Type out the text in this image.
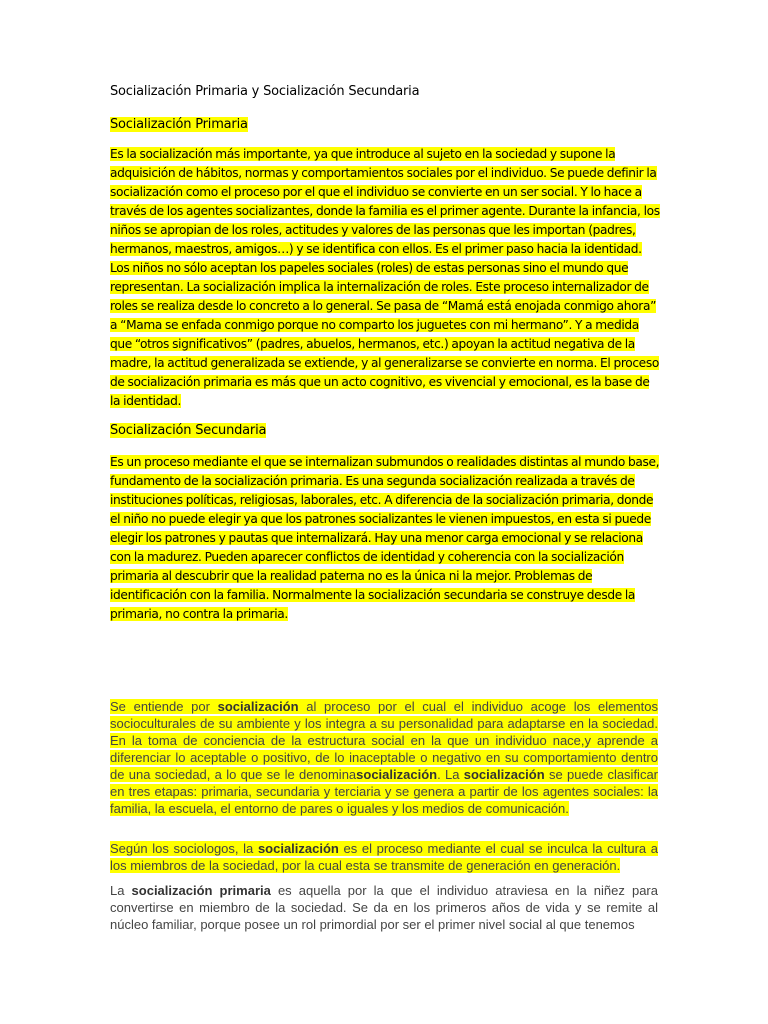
Socialización Primaria y Socialización Secundaria
Socialización Primaria
Es la socialización más importante, ya que introduce al sujeto en la sociedad y supone la adquisición de hábitos, normas y comportamientos sociales por el individuo. Se puede definir la socialización como el proceso por el que el individuo se convierte en un ser social. Y lo hace a través de los agentes socializantes, donde la familia es el primer agente. Durante la infancia, los niños se apropian de los roles, actitudes y valores de las personas que les importan (padres, hermanos, maestros, amigos…) y se identifica con ellos. Es el primer paso hacia la identidad. Los niños no sólo aceptan los papeles sociales (roles) de estas personas sino el mundo que representan. La socialización implica la internalización de roles. Este proceso internalizador de roles se realiza desde lo concreto a lo general. Se pasa de “Mamá está enojada conmigo ahora” a “Mama se enfada conmigo porque no comparto los juguetes con mi hermano”. Y a medida que “otros significativos” (padres, abuelos, hermanos, etc.) apoyan la actitud negativa de la madre, la actitud generalizada se extiende, y al generalizarse se convierte en norma. El proceso de socialización primaria es más que un acto cognitivo, es vivencial y emocional, es la base de la identidad.
Socialización Secundaria
Es un proceso mediante el que se internalizan submundos o realidades distintas al mundo base, fundamento de la socialización primaria. Es una segunda socialización realizada a través de instituciones políticas, religiosas, laborales, etc. A diferencia de la socialización primaria, donde el niño no puede elegir ya que los patrones socializantes le vienen impuestos, en esta si puede elegir los patrones y pautas que internalizará. Hay una menor carga emocional y se relaciona con la madurez. Pueden aparecer conflictos de identidad y coherencia con la socialización primaria al descubrir que la realidad paterna no es la única ni la mejor. Problemas de identificación con la familia. Normalmente la socialización secundaria se construye desde la primaria, no contra la primaria.
Se entiende por socialización al proceso por el cual el individuo acoge los elementos socioculturales de su ambiente y los integra a su personalidad para adaptarse en la sociedad. En la toma de conciencia de la estructura social en la que un individuo nace,y aprende a diferenciar lo aceptable o positivo, de lo inaceptable o negativo en su comportamiento dentro de una sociedad, a lo que se le denominasocialización. La socialización se puede clasificar en tres etapas: primaria, secundaria y terciaria y se genera a partir de los agentes sociales: la familia, la escuela, el entorno de pares o iguales y los medios de comunicación.
Según los sociologos, la socialización es el proceso mediante el cual se inculca la cultura a los miembros de la sociedad, por la cual esta se transmite de generación en generación.
La socialización primaria es aquella por la que el individuo atraviesa en la niñez para convertirse en miembro de la sociedad. Se da en los primeros años de vida y se remite al núcleo familiar, porque posee un rol primordial por ser el primer nivel social al que tenemos
